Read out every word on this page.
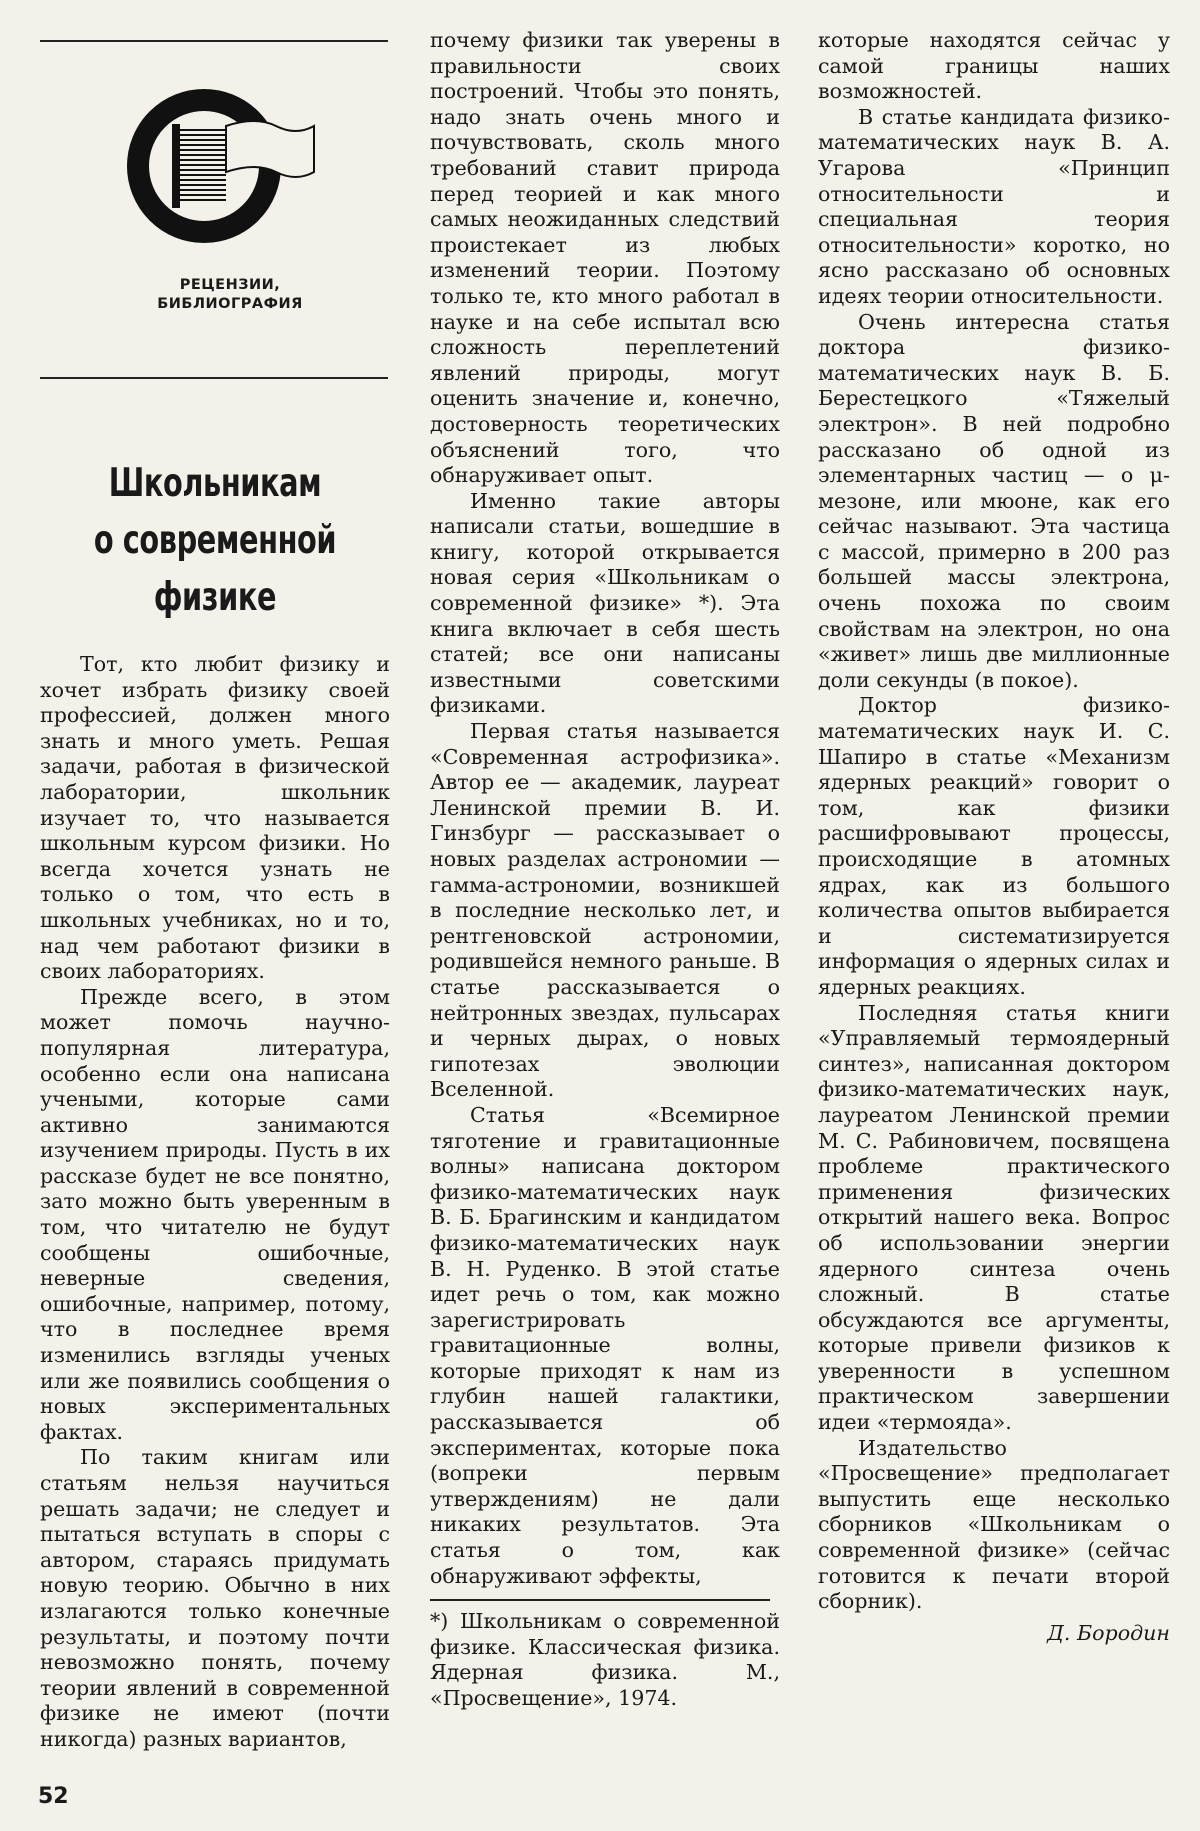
РЕЦЕНЗИИ,
БИБЛИОГРАФИЯ
Школьникам
о современной
физике

Тот, кто любит физику и хочет избрать физику своей профессией, должен много знать и много уметь. Решая задачи, работая в физической лаборатории, школьник изучает то, что называется школьным курсом физики. Но всегда хочется узнать не только о том, что есть в школьных учебниках, но и то, над чем работают физики в своих лабораториях.

Прежде всего, в этом может помочь научно-популярная литература, особенно если она написана учеными, которые сами активно занимаются изучением природы. Пусть в их рассказе будет не все понятно, зато можно быть уверенным в том, что читателю не будут сообщены ошибочные, неверные сведения, ошибочные, например, потому, что в последнее время изменились взгляды ученых или же появились сообщения о новых экспериментальных фактах.

По таким книгам или статьям нельзя научиться решать задачи; не следует и пытаться вступать в споры с автором, стараясь придумать новую теорию. Обычно в них излагаются только конечные результаты, и поэтому почти невозможно понять, почему теории явлений в современной физике не имеют (почти никогда) разных вариантов,

почему физики так уверены в правильности своих построений. Чтобы это понять, надо знать очень много и почувствовать, сколь много требований ставит природа перед теорией и как много самых неожиданных следствий проистекает из любых изменений теории. Поэтому только те, кто много работал в науке и на себе испытал всю сложность переплетений явлений природы, могут оценить значение и, конечно, достоверность теоретических объяснений того, что обнаруживает опыт.

Именно такие авторы написали статьи, вошедшие в книгу, которой открывается новая серия «Школьникам о современной физике» *). Эта книга включает в себя шесть статей; все они написаны известными советскими физиками.

Первая статья называется «Современная астрофизика». Автор ее — академик, лауреат Ленинской премии В. И. Гинзбург — рассказывает о новых разделах астрономии — гамма-астрономии, возникшей в последние несколько лет, и рентгеновской астрономии, родившейся немного раньше. В статье рассказывается о нейтронных звездах, пульсарах и черных дырах, о новых гипотезах эволюции Вселенной.

Статья «Всемирное тяготение и гравитационные волны» написана доктором физико-математических наук В. Б. Брагинским и кандидатом физико-математических наук В. Н. Руденко. В этой статье идет речь о том, как можно зарегистрировать гравитационные волны, которые приходят к нам из глубин нашей галактики, рассказывается об экспериментах, которые пока (вопреки первым утверждениям) не дали никаких результатов. Эта статья о том, как обнаруживают эффекты,

*) Школьникам о современной физике. Классическая физика. Ядерная физика. М., «Просвещение», 1974.

которые находятся сейчас у самой границы наших возможностей.

В статье кандидата физико-математических наук В. А. Угарова «Принцип относительности и специальная теория относительности» коротко, но ясно рассказано об основных идеях теории относительности.

Очень интересна статья доктора физико-математических наук В. Б. Берестецкого «Тяжелый электрон». В ней подробно рассказано об одной из элементарных частиц — о μ-мезоне, или мюоне, как его сейчас называют. Эта частица с массой, примерно в 200 раз большей массы электрона, очень похожа по своим свойствам на электрон, но она «живет» лишь две миллионные доли секунды (в покое).

Доктор физико-математических наук И. С. Шапиро в статье «Механизм ядерных реакций» говорит о том, как физики расшифровывают процессы, происходящие в атомных ядрах, как из большого количества опытов выбирается и систематизируется информация о ядерных силах и ядерных реакциях.

Последняя статья книги «Управляемый термоядерный синтез», написанная доктором физико-математических наук, лауреатом Ленинской премии М. С. Рабиновичем, посвящена проблеме практического применения физических открытий нашего века. Вопрос об использовании энергии ядерного синтеза очень сложный. В статье обсуждаются все аргументы, которые привели физиков к уверенности в успешном практическом завершении идеи «термояда».

Издательство «Просвещение» предполагает выпустить еще несколько сборников «Школьникам о современной физике» (сейчас готовится к печати второй сборник).

Д. Бородин

52
